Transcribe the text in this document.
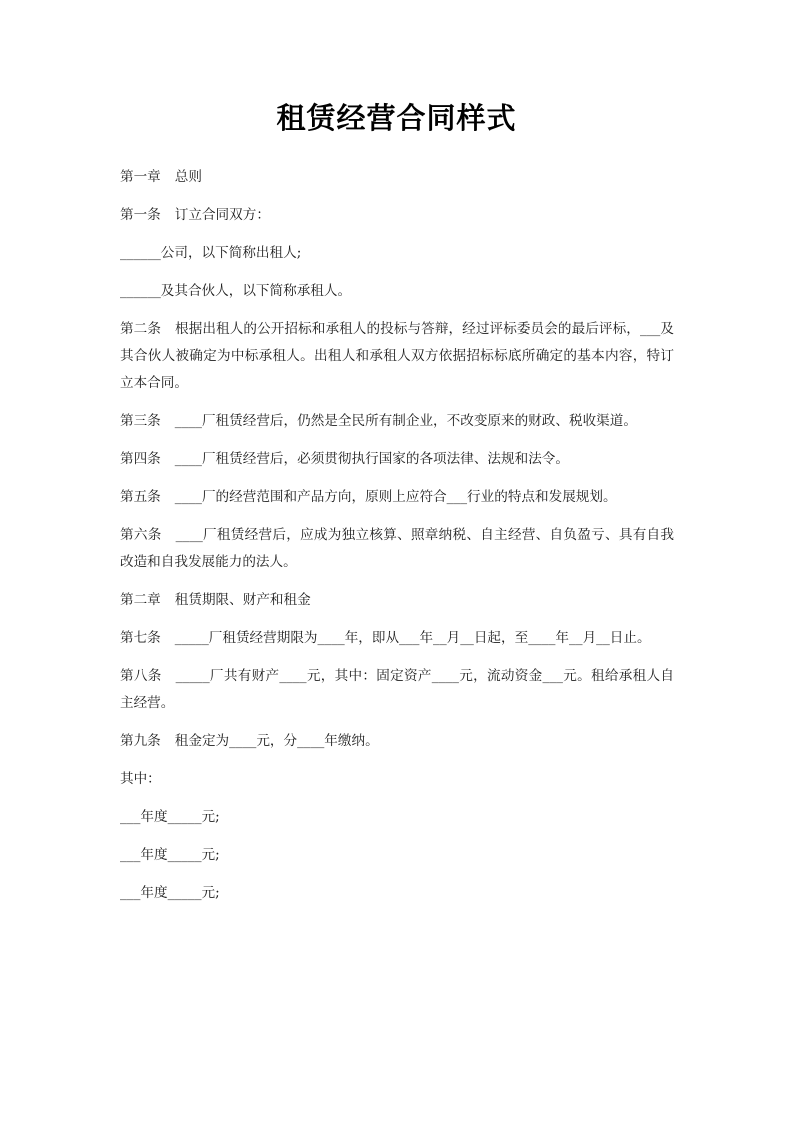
租赁经营合同样式

第一章 总则

第一条 订立合同双方：

______公司，以下简称出租人;

______及其合伙人，以下简称承租人。

第二条 根据出租人的公开招标和承租人的投标与答辩，经过评标委员会的最后评标，___及其合伙人被确定为中标承租人。出租人和承租人双方依据招标标底所确定的基本内容，特订立本合同。

第三条 ____厂租赁经营后，仍然是全民所有制企业，不改变原来的财政、税收渠道。

第四条 ____厂租赁经营后，必须贯彻执行国家的各项法律、法规和法令。

第五条 ____厂的经营范围和产品方向，原则上应符合___行业的特点和发展规划。

第六条 ____厂租赁经营后，应成为独立核算、照章纳税、自主经营、自负盈亏、具有自我改造和自我发展能力的法人。

第二章 租赁期限、财产和租金

第七条 _____厂租赁经营期限为____年，即从___年__月__日起，至____年__月__日止。

第八条 _____厂共有财产____元，其中：固定资产____元，流动资金___元。租给承租人自主经营。

第九条 租金定为____元，分____年缴纳。

其中：

___年度_____元;

___年度_____元;

___年度_____元;
